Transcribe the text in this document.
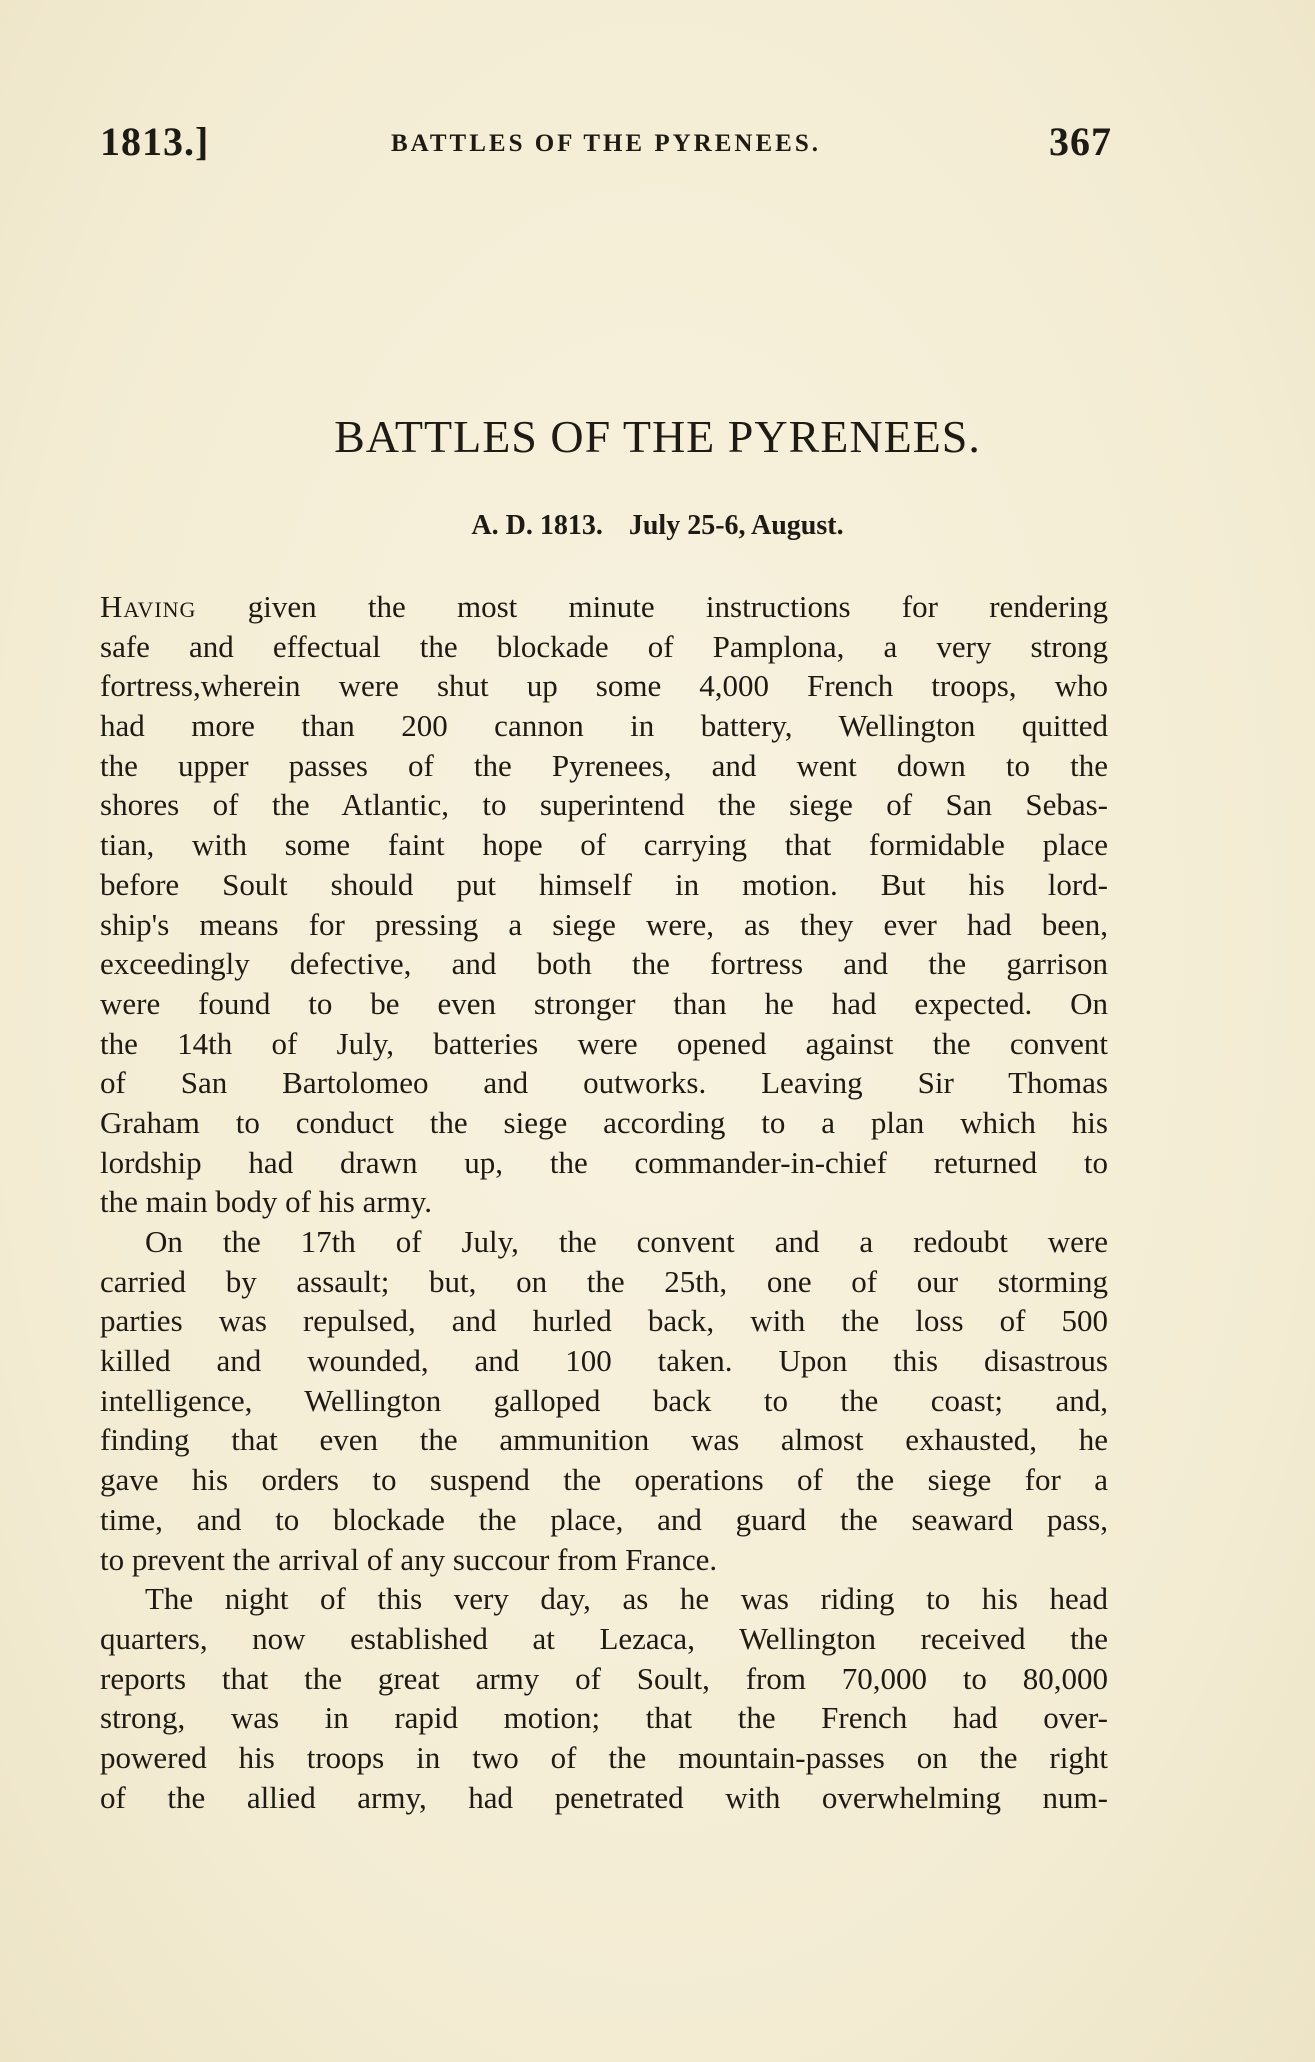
1813.]	BATTLES OF THE PYRENEES.	367
BATTLES OF THE PYRENEES.
A. D. 1813. July 25-6, August.
Having given the most minute instructions for rendering
safe and effectual the blockade of Pamplona, a very strong
fortress,wherein were shut up some 4,000 French troops, who
had more than 200 cannon in battery, Wellington quitted
the upper passes of the Pyrenees, and went down to the
shores of the Atlantic, to superintend the siege of San Sebas-
tian, with some faint hope of carrying that formidable place
before Soult should put himself in motion. But his lord-
ship's means for pressing a siege were, as they ever had been,
exceedingly defective, and both the fortress and the garrison
were found to be even stronger than he had expected. On
the 14th of July, batteries were opened against the convent
of San Bartolomeo and outworks. Leaving Sir Thomas
Graham to conduct the siege according to a plan which his
lordship had drawn up, the commander-in-chief returned to
the main body of his army.
On the 17th of July, the convent and a redoubt were
carried by assault; but, on the 25th, one of our storming
parties was repulsed, and hurled back, with the loss of 500
killed and wounded, and 100 taken. Upon this disastrous
intelligence, Wellington galloped back to the coast; and,
finding that even the ammunition was almost exhausted, he
gave his orders to suspend the operations of the siege for a
time, and to blockade the place, and guard the seaward pass,
to prevent the arrival of any succour from France.
The night of this very day, as he was riding to his head
quarters, now established at Lezaca, Wellington received the
reports that the great army of Soult, from 70,000 to 80,000
strong, was in rapid motion; that the French had over-
powered his troops in two of the mountain-passes on the right
of the allied army, had penetrated with overwhelming num-
